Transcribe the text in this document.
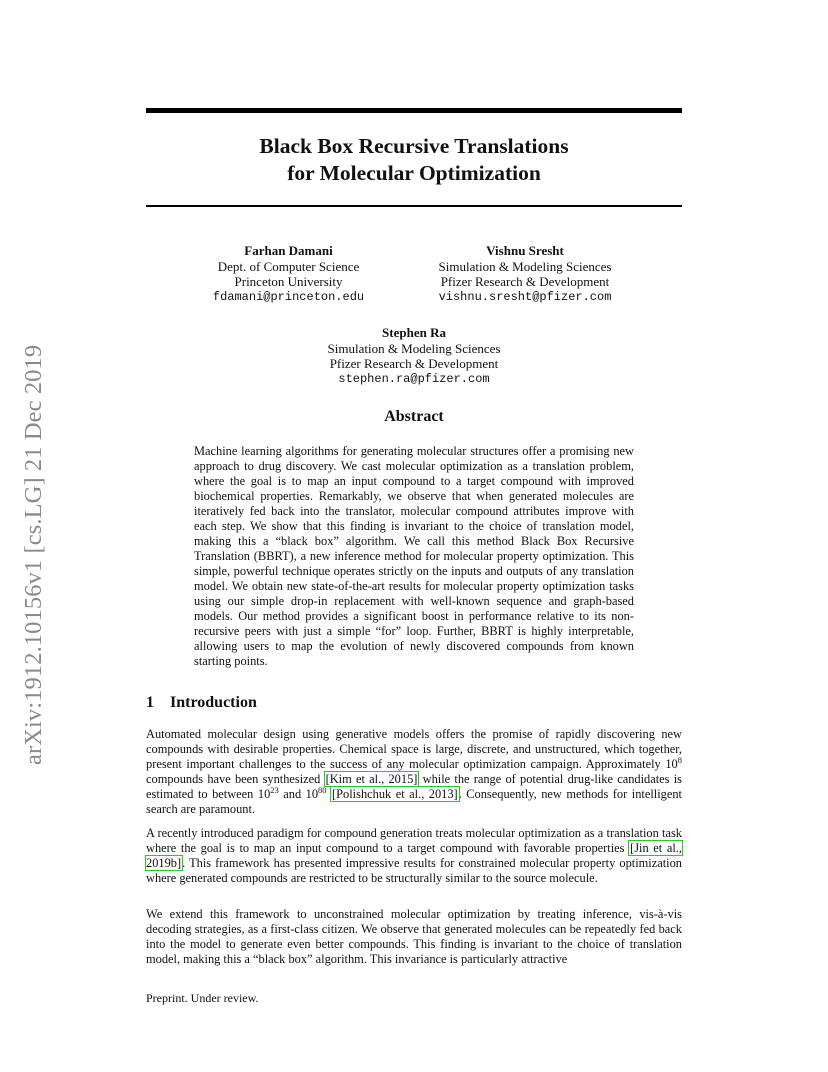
arXiv:1912.10156v1 [cs.LG] 21 Dec 2019
Black Box Recursive Translations
for Molecular Optimization
Farhan Damani
Dept. of Computer Science
Princeton University
fdamani@princeton.edu
Vishnu Sresht
Simulation & Modeling Sciences
Pfizer Research & Development
vishnu.sresht@pfizer.com
Stephen Ra
Simulation & Modeling Sciences
Pfizer Research & Development
stephen.ra@pfizer.com
Abstract
Machine learning algorithms for generating molecular structures offer a promising new approach to drug discovery. We cast molecular optimization as a translation problem, where the goal is to map an input compound to a target compound with improved biochemical properties. Remarkably, we observe that when generated molecules are iteratively fed back into the translator, molecular compound attributes improve with each step. We show that this finding is invariant to the choice of translation model, making this a “black box” algorithm. We call this method Black Box Recursive Translation (BBRT), a new inference method for molecular property optimization. This simple, powerful technique operates strictly on the inputs and outputs of any translation model. We obtain new state-of-the-art results for molecular property optimization tasks using our simple drop-in replacement with well-known sequence and graph-based models. Our method provides a significant boost in performance relative to its non-recursive peers with just a simple “for” loop. Further, BBRT is highly interpretable, allowing users to map the evolution of newly discovered compounds from known starting points.
1 Introduction
Automated molecular design using generative models offers the promise of rapidly discovering new compounds with desirable properties. Chemical space is large, discrete, and unstructured, which together, present important challenges to the success of any molecular optimization campaign. Approximately $10^8$ compounds have been synthesized [Kim et al., 2015] while the range of potential drug-like candidates is estimated to between $10^{23}$ and $10^{80}$ [Polishchuk et al., 2013]. Consequently, new methods for intelligent search are paramount.
A recently introduced paradigm for compound generation treats molecular optimization as a translation task where the goal is to map an input compound to a target compound with favorable properties [Jin et al., 2019b]. This framework has presented impressive results for constrained molecular property optimization where generated compounds are restricted to be structurally similar to the source molecule.
We extend this framework to unconstrained molecular optimization by treating inference, vis-à-vis decoding strategies, as a first-class citizen. We observe that generated molecules can be repeatedly fed back into the model to generate even better compounds. This finding is invariant to the choice of translation model, making this a “black box” algorithm. This invariance is particularly attractive
Preprint. Under review.
